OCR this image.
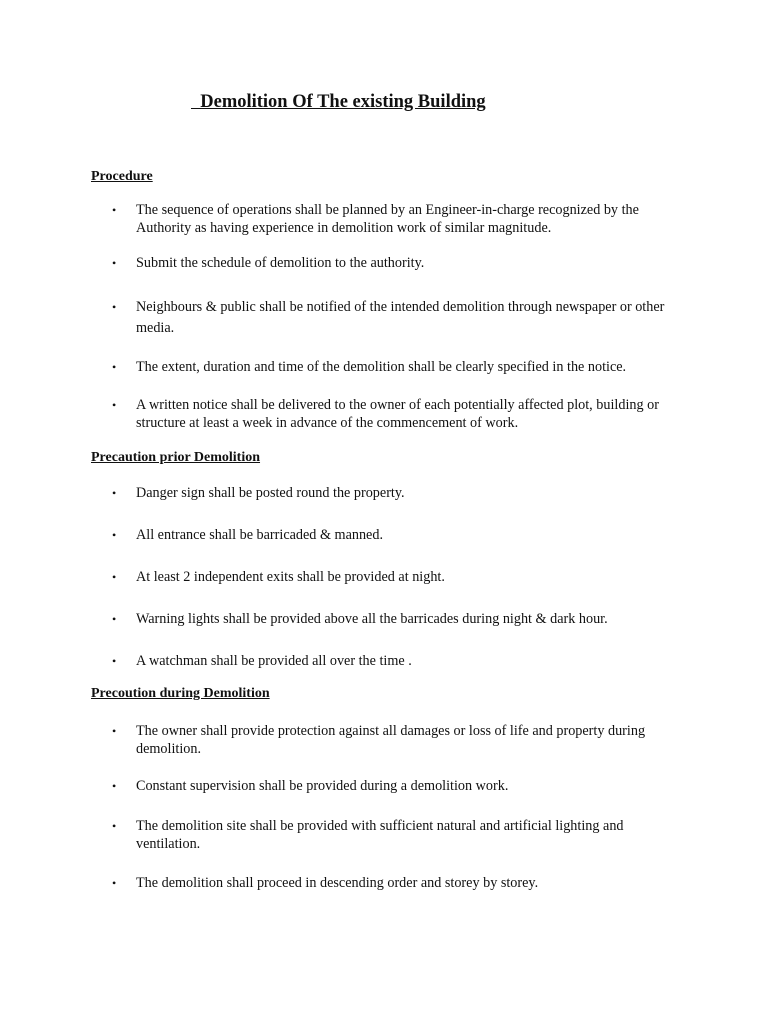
Demolition Of The existing Building
Procedure
•	The sequence of operations shall be planned by an Engineer-in-charge recognized by the Authority as having experience in demolition work of similar magnitude.
•	Submit the schedule of demolition to the authority.
•	Neighbours & public shall be notified of the intended demolition through newspaper or other media.
•	The extent, duration and time of the demolition shall be clearly specified in the notice.
•	A written notice shall be delivered to the owner of each potentially affected plot, building or structure at least a week in advance of the commencement of work.
Precaution prior Demolition
•	Danger sign shall be posted round the property.
•	All entrance shall be barricaded & manned.
•	At least 2 independent exits shall be provided at night.
•	Warning lights shall be provided above all the barricades during night & dark hour.
•	A watchman shall be provided all over the time .
Precoution during Demolition
•	The owner shall provide protection against all damages or loss of life and property during demolition.
•	Constant supervision shall be provided during a demolition work.
•	The demolition site shall be provided with sufficient natural and artificial lighting and ventilation.
•	The demolition shall proceed in descending order and storey by storey.
